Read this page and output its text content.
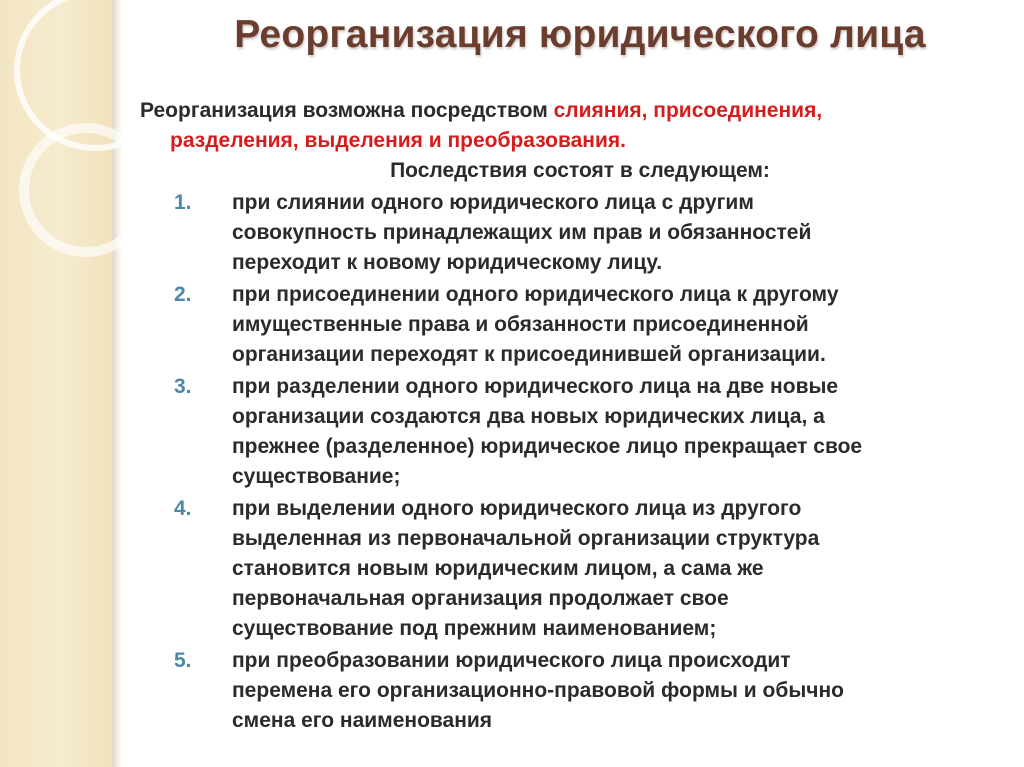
Реорганизация юридического лица

Реорганизация возможна посредством слияния, присоединения,
разделения, выделения и преобразования.

Последствия состоят в следующем:

1.	при слиянии одного юридического лица с другим
совокупность принадлежащих им прав и обязанностей
переходит к новому юридическому лицу.
2.	при присоединении одного юридического лица к другому
имущественные права и обязанности присоединенной
организации переходят к присоединившей организации.
3.	при разделении одного юридического лица на две новые
организации создаются два новых юридических лица, а
прежнее (разделенное) юридическое лицо прекращает свое
существование;
4.	при выделении одного юридического лица из другого
выделенная из первоначальной организации структура
становится новым юридическим лицом, а сама же
первоначальная организация продолжает свое
существование под прежним наименованием;
5.	при преобразовании юридического лица происходит
перемена его организационно-правовой формы и обычно
смена его наименования
